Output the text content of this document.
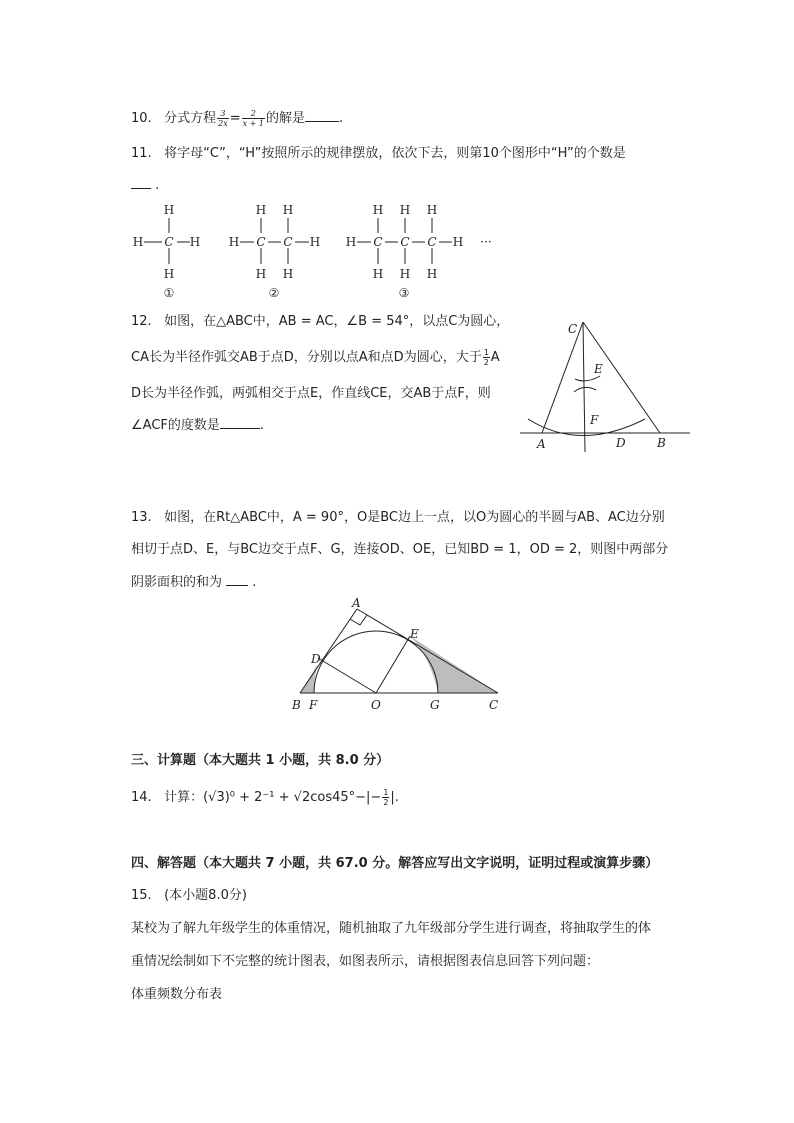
10. 分式方程 $\frac{3}{2x} = \frac{2}{x + 1}$ 的解是	.
11. 将字母“C”，“H”按照所示的规律摆放，依次下去，则第10个图形中“H”的个数是
.
H
H C H
H
H H
H C C H
H H
H H H
H C C C H
H H H
···
①	②	③
12. 如图，在△ABC中，AB = AC，∠B = 54°，以点C为圆心，
CA长为半径作弧交AB于点D，分别以点A和点D为圆心，大于 $\frac{1}{2}$ A
D长为半径作弧，两弧相交于点E，作直线CE，交AB于点F，则
∠ACF的度数是	.
C
E
F
A	D	B
13. 如图，在Rt△ABC中，A = 90°，O是BC边上一点，以O为圆心的半圆与AB、AC边分别
相切于点D、E，与BC边交于点F、G，连接OD、OE，已知BD = 1，OD = 2，则图中两部分
阴影面积的和为 .
A
E
D
B F	O	G	C
三、计算题（本大题共 1 小题，共 8.0 分）
14. 计算：$(√3)^0 + 2^{-1} + √2\cos 45^\circ-|- \frac{1}{2}$ |.
四、解答题（本大题共 7 小题，共 67.0 分。解答应写出文字说明，证明过程或演算步骤）
15. (本小题8.0分)
某校为了解九年级学生的体重情况，随机抽取了九年级部分学生进行调查，将抽取学生的体
重情况绘制如下不完整的统计图表，如图表所示，请根据图表信息回答下列问题：
体重频数分布表
